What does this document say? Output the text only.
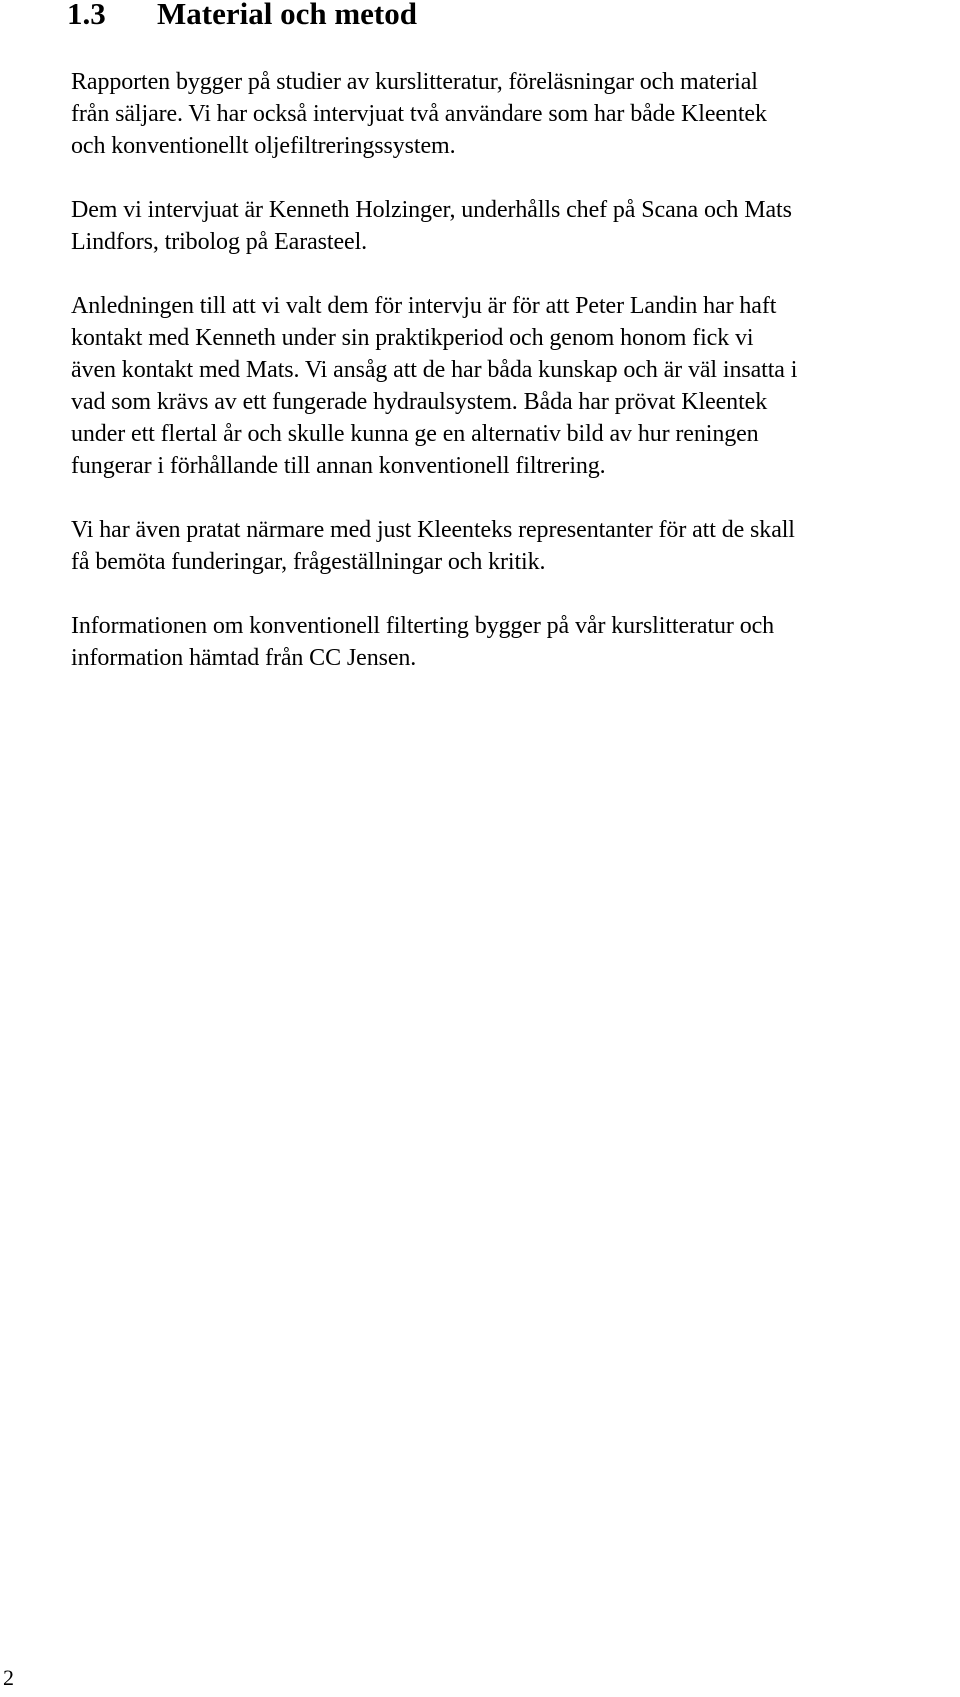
1.3 Material och metod

Rapporten bygger på studier av kurslitteratur, föreläsningar och material
från säljare. Vi har också intervjuat två användare som har både Kleentek
och konventionellt oljefiltreringssystem.

Dem vi intervjuat är Kenneth Holzinger, underhålls chef på Scana och Mats
Lindfors, tribolog på Earasteel.

Anledningen till att vi valt dem för intervju är för att Peter Landin har haft
kontakt med Kenneth under sin praktikperiod och genom honom fick vi
även kontakt med Mats. Vi ansåg att de har båda kunskap och är väl insatta i
vad som krävs av ett fungerade hydraulsystem. Båda har prövat Kleentek
under ett flertal år och skulle kunna ge en alternativ bild av hur reningen
fungerar i förhållande till annan konventionell filtrering.

Vi har även pratat närmare med just Kleenteks representanter för att de skall
få bemöta funderingar, frågeställningar och kritik.

Informationen om konventionell filterting bygger på vår kurslitteratur och
information hämtad från CC Jensen.

2
